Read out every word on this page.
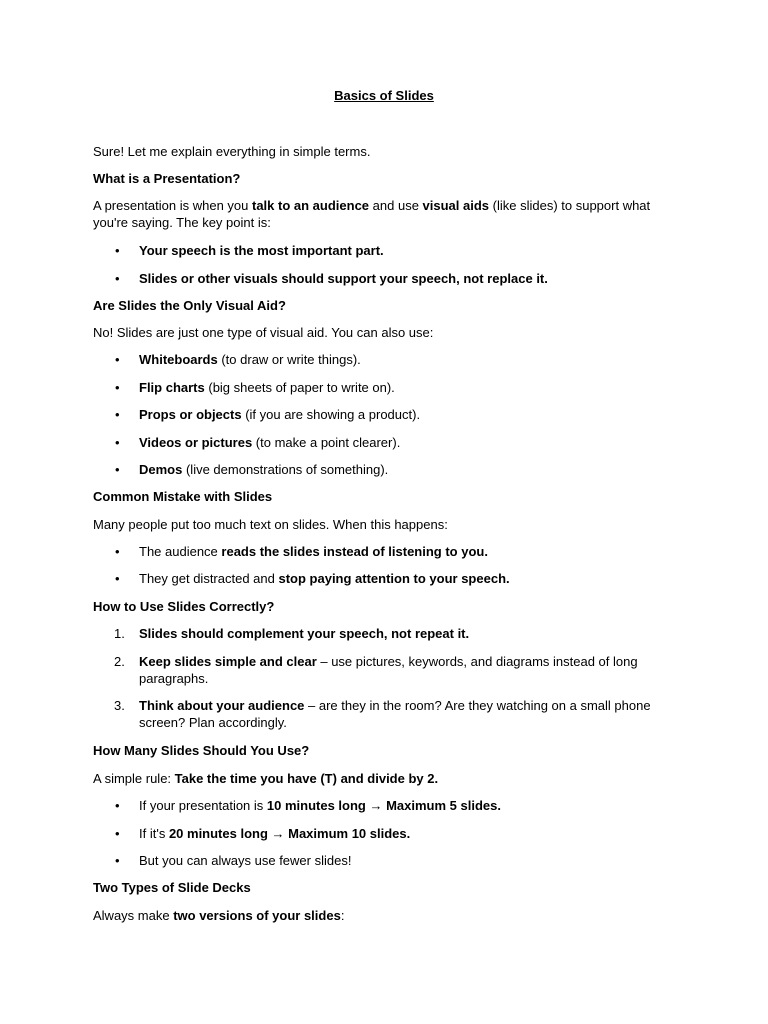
Basics of Slides
Sure! Let me explain everything in simple terms.
What is a Presentation?
A presentation is when you talk to an audience and use visual aids (like slides) to support what
you're saying. The key point is:
• Your speech is the most important part.
• Slides or other visuals should support your speech, not replace it.
Are Slides the Only Visual Aid?
No! Slides are just one type of visual aid. You can also use:
• Whiteboards (to draw or write things).
• Flip charts (big sheets of paper to write on).
• Props or objects (if you are showing a product).
• Videos or pictures (to make a point clearer).
• Demos (live demonstrations of something).
Common Mistake with Slides
Many people put too much text on slides. When this happens:
• The audience reads the slides instead of listening to you.
• They get distracted and stop paying attention to your speech.
How to Use Slides Correctly?
1. Slides should complement your speech, not repeat it.
2. Keep slides simple and clear – use pictures, keywords, and diagrams instead of long paragraphs.
3. Think about your audience – are they in the room? Are they watching on a small phone screen? Plan accordingly.
How Many Slides Should You Use?
A simple rule: Take the time you have (T) and divide by 2.
• If your presentation is 10 minutes long → Maximum 5 slides.
• If it's 20 minutes long → Maximum 10 slides.
• But you can always use fewer slides!
Two Types of Slide Decks
Always make two versions of your slides:
